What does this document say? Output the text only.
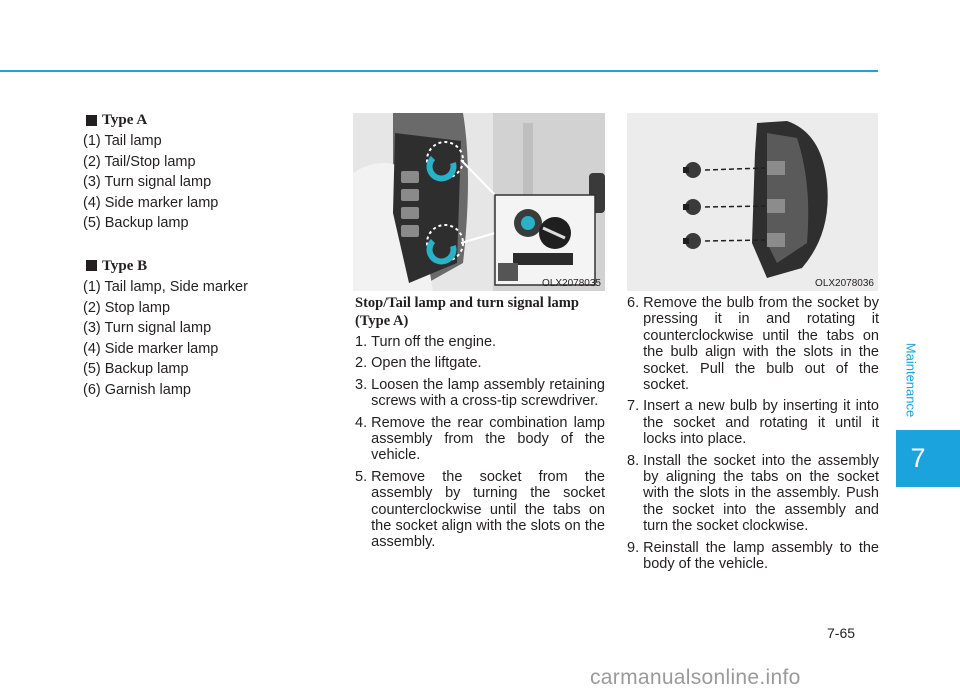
Type A

(1) Tail lamp

(2) Tail/Stop lamp

(3) Turn signal lamp

(4) Side marker lamp

(5) Backup lamp

Type B

(1) Tail lamp, Side marker

(2) Stop lamp

(3) Turn signal lamp

(4) Side marker lamp

(5) Backup lamp

(6) Garnish lamp

OLX2078035	OLX2078036

Stop/Tail lamp and turn signal lamp (Type A)

1. Turn off the engine.
2. Open the liftgate.
3. Loosen the lamp assembly retaining screws with a cross-tip screwdriver.
4. Remove the rear combination lamp assembly from the body of the vehicle.
5. Remove the socket from the assembly by turning the socket counterclockwise until the tabs on the socket align with the slots on the assembly.
6. Remove the bulb from the socket by pressing it in and rotating it counterclockwise until the tabs on the bulb align with the slots in the socket. Pull the bulb out of the socket.
7. Insert a new bulb by inserting it into the socket and rotating it until it locks into place.
8. Install the socket into the assembly by aligning the tabs on the socket with the slots in the assembly. Push the socket into the assembly and turn the socket clockwise.
9. Reinstall the lamp assembly to the body of the vehicle.
Maintenance
7
7-65
carmanualsonline.info
